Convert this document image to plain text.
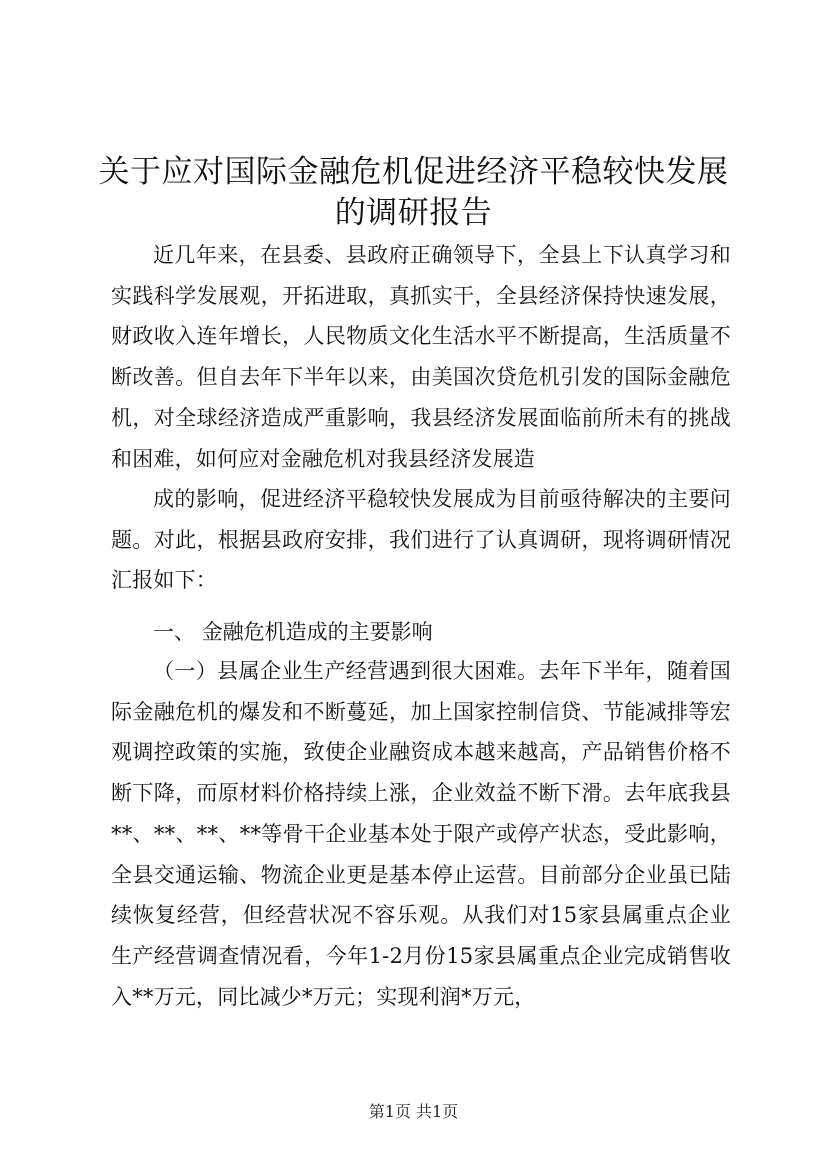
关于应对国际金融危机促进经济平稳较快发展
的调研报告

近几年来，在县委、县政府正确领导下，全县上下认真学习和实践科学发展观，开拓进取，真抓实干，全县经济保持快速发展，财政收入连年增长，人民物质文化生活水平不断提高，生活质量不断改善。但自去年下半年以来，由美国次贷危机引发的国际金融危机，对全球经济造成严重影响，我县经济发展面临前所未有的挑战和困难，如何应对金融危机对我县经济发展造

成的影响，促进经济平稳较快发展成为目前亟待解决的主要问题。对此，根据县政府安排，我们进行了认真调研，现将调研情况汇报如下：

一、 金融危机造成的主要影响

（一）县属企业生产经营遇到很大困难。去年下半年，随着国际金融危机的爆发和不断蔓延，加上国家控制信贷、节能减排等宏观调控政策的实施，致使企业融资成本越来越高，产品销售价格不断下降，而原材料价格持续上涨，企业效益不断下滑。去年底我县**、**、**、**等骨干企业基本处于限产或停产状态，受此影响，全县交通运输、物流企业更是基本停止运营。目前部分企业虽已陆续恢复经营，但经营状况不容乐观。从我们对15家县属重点企业生产经营调查情况看，今年1-2月份15家县属重点企业完成销售收入**万元，同比减少*万元；实现利润*万元，

第1页 共1页
